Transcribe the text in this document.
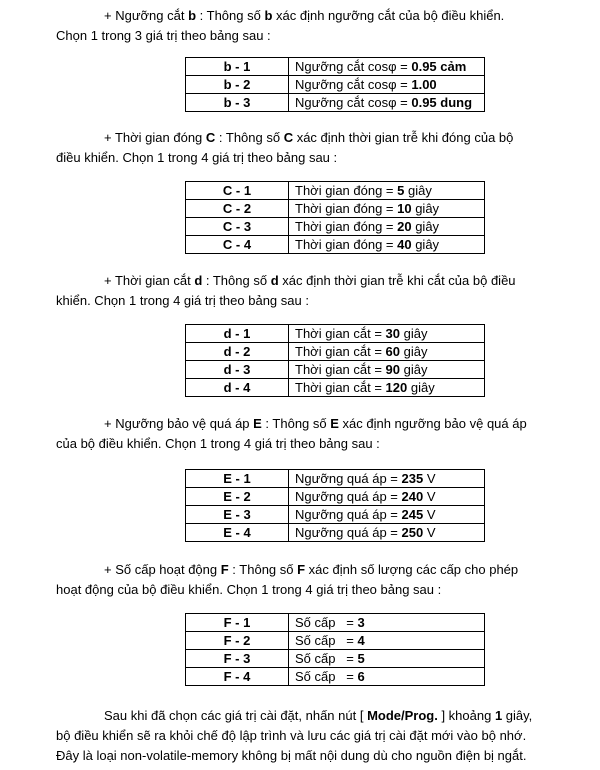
+ Ngưỡng cắt b : Thông số b xác định ngưỡng cắt của bộ điều khiển.
Chọn 1 trong 3 giá trị theo bảng sau :
b - 1	Ngưỡng cắt cosφ = 0.95 cảm
b - 2	Ngưỡng cắt cosφ = 1.00
b - 3	Ngưỡng cắt cosφ = 0.95 dung
+ Thời gian đóng C : Thông số C xác định thời gian trễ khi đóng của bộ
điều khiển. Chọn 1 trong 4 giá trị theo bảng sau :
C - 1	Thời gian đóng = 5 giây
C - 2	Thời gian đóng = 10 giây
C - 3	Thời gian đóng = 20 giây
C - 4	Thời gian đóng = 40 giây
+ Thời gian cắt d : Thông số d xác định thời gian trễ khi cắt của bộ điều
khiển. Chọn 1 trong 4 giá trị theo bảng sau :
d - 1	Thời gian cắt = 30 giây
d - 2	Thời gian cắt = 60 giây
d - 3	Thời gian cắt = 90 giây
d - 4	Thời gian cắt = 120 giây
+ Ngưỡng bảo vệ quá áp E : Thông số E xác định ngưỡng bảo vệ quá áp
của bộ điều khiển. Chọn 1 trong 4 giá trị theo bảng sau :
E - 1	Ngưỡng quá áp = 235 V
E - 2	Ngưỡng quá áp = 240 V
E - 3	Ngưỡng quá áp = 245 V
E - 4	Ngưỡng quá áp = 250 V
+ Số cấp hoạt động F : Thông số F xác định số lượng các cấp cho phép
hoạt động của bộ điều khiển. Chọn 1 trong 4 giá trị theo bảng sau :
F - 1	Số cấp   = 3
F - 2	Số cấp   = 4
F - 3	Số cấp   = 5
F - 4	Số cấp   = 6
Sau khi đã chọn các giá trị cài đặt, nhấn nút [ Mode/Prog. ] khoảng 1 giây,
bộ điều khiển sẽ ra khỏi chế độ lập trình và lưu các giá trị cài đặt mới vào bộ nhớ.
Đây là loại non-volatile-memory không bị mất nội dung dù cho nguồn điện bị ngắt.
